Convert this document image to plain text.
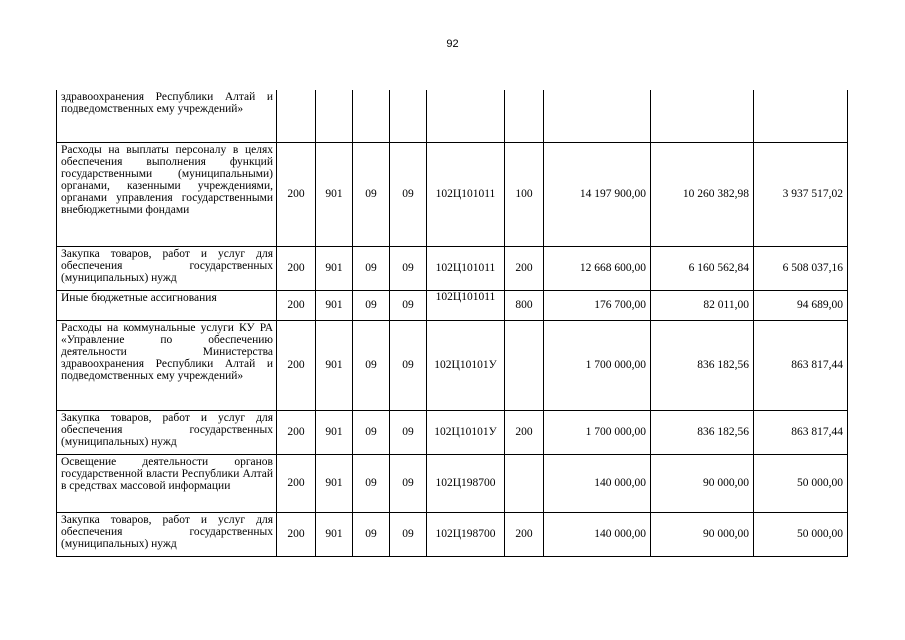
92
здравоохранения Республики Алтай и подведомственных ему учреждений»									
Расходы на выплаты персоналу в целях обеспечения выполнения функций государственными (муниципальными) органами, казенными учреждениями, органами управления государственными внебюджетными фондами	200	901	09	09	102Ц101011	100	14 197 900,00	10 260 382,98	3 937 517,02
Закупка товаров, работ и услуг для обеспечения государственных (муниципальных) нужд	200	901	09	09	102Ц101011	200	12 668 600,00	6 160 562,84	6 508 037,16
Иные бюджетные ассигнования	200	901	09	09	102Ц101011	800	176 700,00	82 011,00	94 689,00
Расходы на коммунальные услуги КУ РА «Управление по обеспечению деятельности Министерства здравоохранения Республики Алтай и подведомственных ему учреждений»	200	901	09	09	102Ц10101У		1 700 000,00	836 182,56	863 817,44
Закупка товаров, работ и услуг для обеспечения государственных (муниципальных) нужд	200	901	09	09	102Ц10101У	200	1 700 000,00	836 182,56	863 817,44
Освещение деятельности органов государственной власти Республики Алтай в средствах массовой информации	200	901	09	09	102Ц198700		140 000,00	90 000,00	50 000,00
Закупка товаров, работ и услуг для обеспечения государственных (муниципальных) нужд	200	901	09	09	102Ц198700	200	140 000,00	90 000,00	50 000,00
